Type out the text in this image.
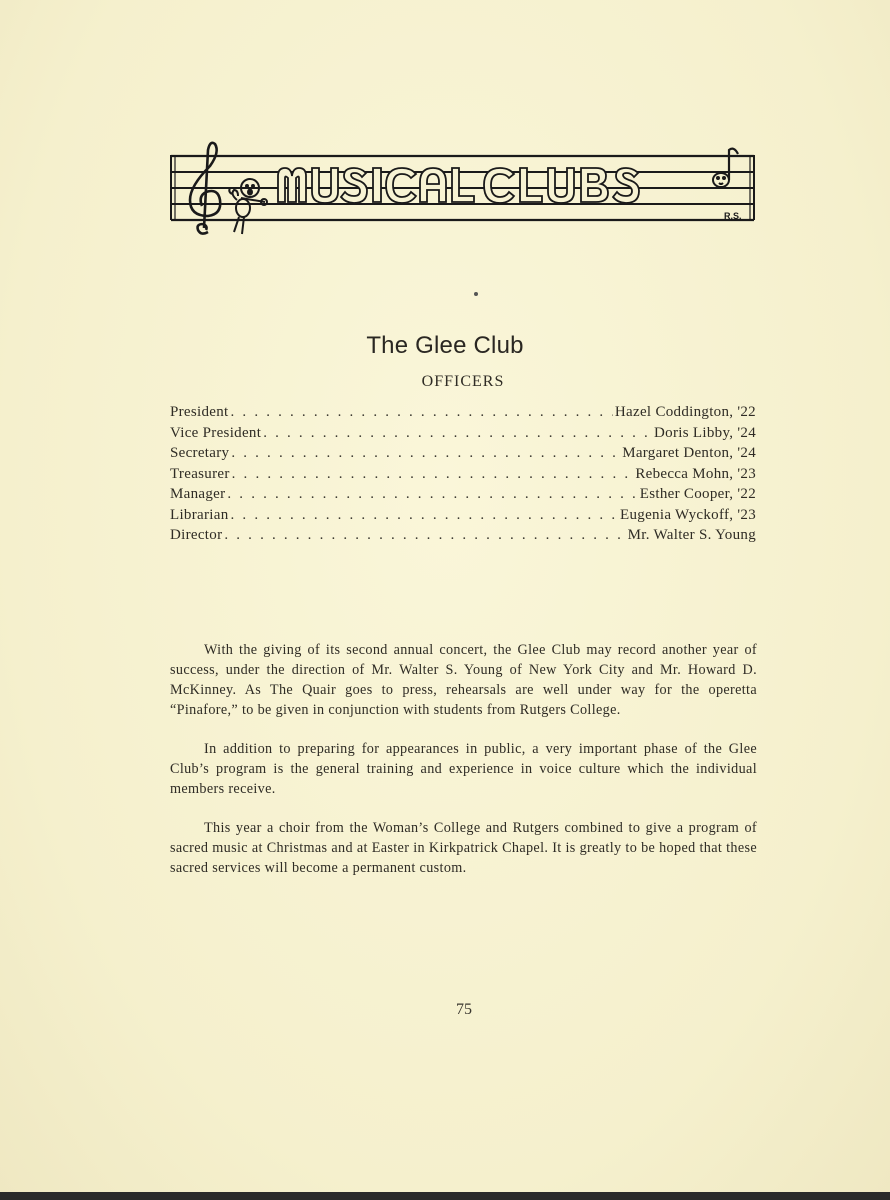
R.S.
The Glee Club
OFFICERS
President . . .	Hazel Coddington, '22
Vice President . . .	Doris Libby, '24
Secretary . . .	Margaret Denton, '24
Treasurer . . .	Rebecca Mohn, '23
Manager . . .	Esther Cooper, '22
Librarian . . .	Eugenia Wyckoff, '23
Director . . .	Mr. Walter S. Young

With the giving of its second annual concert, the Glee Club may record another year of success, under the direction of Mr. Walter S. Young of New York City and Mr. Howard D. McKinney. As The Quair goes to press, rehearsals are well under way for the operetta “Pinafore,” to be given in conjunction with students from Rutgers College.

In addition to preparing for appearances in public, a very important phase of the Glee Club’s program is the general training and experience in voice culture which the individual members receive.

This year a choir from the Woman’s College and Rutgers combined to give a program of sacred music at Christmas and at Easter in Kirkpatrick Chapel. It is greatly to be hoped that these sacred services will become a permanent custom.

75
